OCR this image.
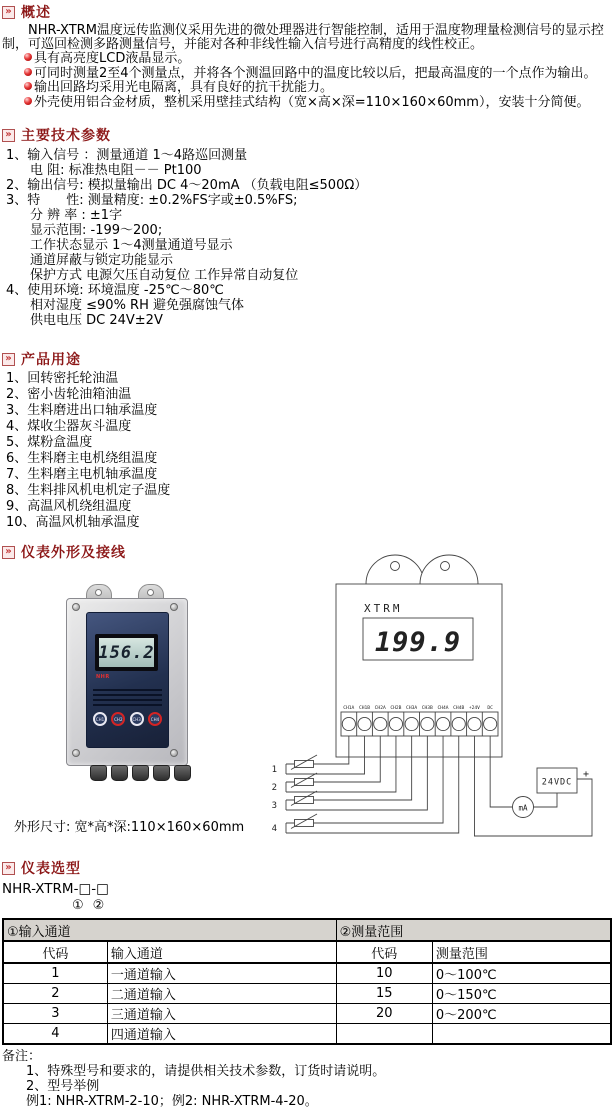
» 概述
NHR-XTRM温度远传监测仪采用先进的微处理器进行智能控制，适用于温度物理量检测信号的显示控制，可巡回检测多路测量信号，并能对各种非线性输入信号进行高精度的线性校正。
具有高亮度LCD液晶显示。
可同时测量2至4个测量点，并将各个测温回路中的温度比较以后，把最高温度的一个点作为输出。
输出回路均采用光电隔离，具有良好的抗干扰能力。
外壳使用铝合金材质，整机采用壁挂式结构（宽×高×深=110×160×60mm），安装十分简便。
» 主要技术参数
1、输入信号 ：测量通道 1～4路巡回测量
电 阻: 标准热电阻－－ Pt100
2、输出信号: 模拟量输出 DC 4～20mA （负载电阻≤500Ω）
3、特　　性: 测量精度: ±0.2%FS字或±0.5%FS;
分 辨 率 : ±1字
显示范围: -199～200;
工作状态显示 1～4测量通道号显示
通道屏蔽与锁定功能显示
保护方式 电源欠压自动复位 工作异常自动复位
4、使用环境: 环境温度 -25℃～80℃
相对湿度 ≤90% RH 避免强腐蚀气体
供电电压 DC 24V±2V
» 产品用途
1、回转密托轮油温
2、密小齿轮油箱油温
3、生料磨进出口轴承温度
4、煤收尘器灰斗温度
5、煤粉盒温度
6、生料磨主电机绕组温度
7、生料磨主电机轴承温度
8、生料排风机电机定子温度
9、高温风机绕组温度
10、高温风机轴承温度
» 仪表外形及接线
156.2
NHR
CH1	CH2	CH3	CH4
外形尺寸: 宽*高*深:110×160×60mm
XTRM
199.9
CH1A CH1B CH2A CH2B CH3A CH3B CH4A CH4B +24V DC
1
2
3
4
24VDC
+
mA
» 仪表选型
NHR-XTRM-□-□
① ②
①输入通道		②测量范围	
代码	输入通道	代码	测量范围
1	一通道输入	10	0～100℃
2	二通道输入	15	0～150℃
3	三通道输入	20	0～200℃
4	四通道输入		
备注：
1、特殊型号和要求的，请提供相关技术参数，订货时请说明。
2、型号举例
例1: NHR-XTRM-2-10；例2: NHR-XTRM-4-20。
